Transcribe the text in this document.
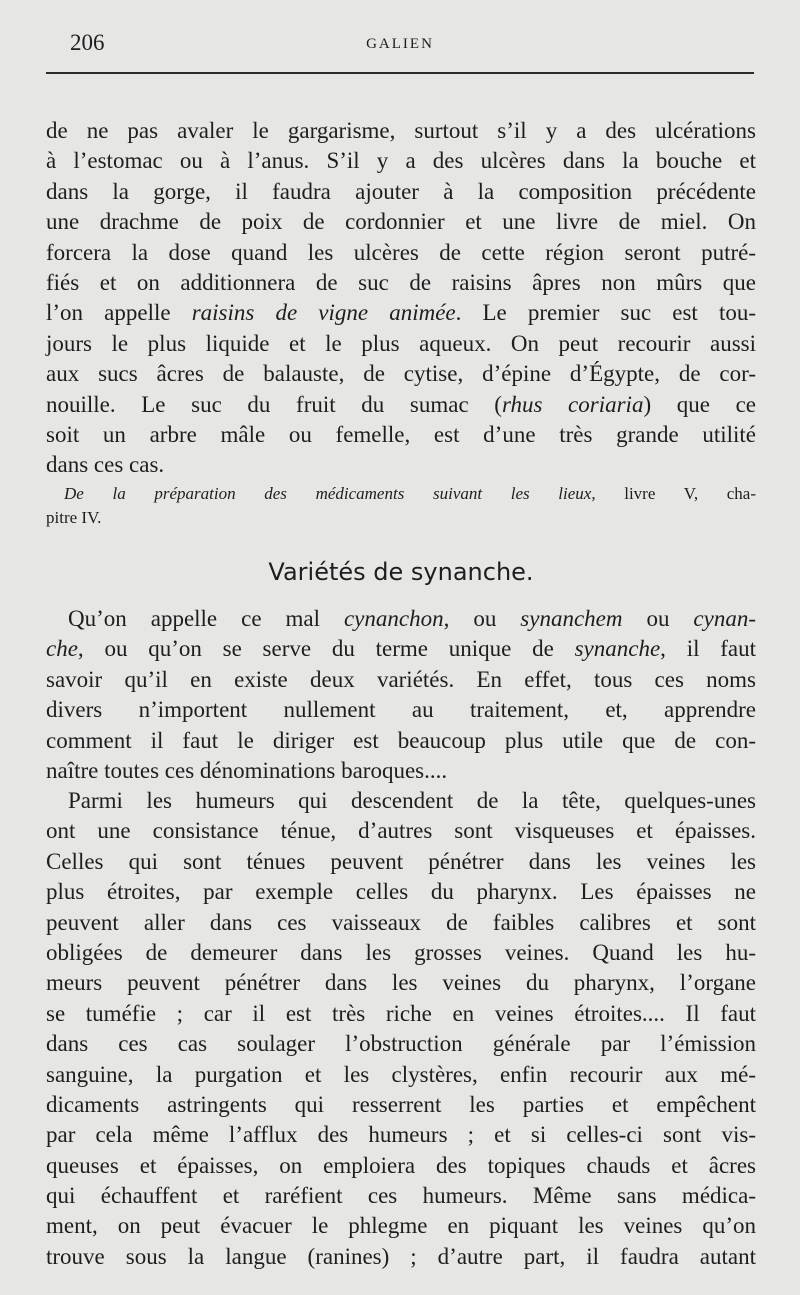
206	GALIEN
de ne pas avaler le gargarisme, surtout s’il y a des ulcérations
à l’estomac ou à l’anus. S’il y a des ulcères dans la bouche et
dans la gorge, il faudra ajouter à la composition précédente
une drachme de poix de cordonnier et une livre de miel. On
forcera la dose quand les ulcères de cette région seront putré-
fiés et on additionnera de suc de raisins âpres non mûrs que
l’on appelle raisins de vigne animée. Le premier suc est tou-
jours le plus liquide et le plus aqueux. On peut recourir aussi
aux sucs âcres de balauste, de cytise, d’épine d’Égypte, de cor-
nouille. Le suc du fruit du sumac (rhus coriaria) que ce
soit un arbre mâle ou femelle, est d’une très grande utilité
dans ces cas.
De la préparation des médicaments suivant les lieux, livre V, cha-
pitre IV.
Variétés de synanche.
Qu’on appelle ce mal cynanchon, ou synanchem ou cynan-
che, ou qu’on se serve du terme unique de synanche, il faut
savoir qu’il en existe deux variétés. En effet, tous ces noms
divers n’importent nullement au traitement, et, apprendre
comment il faut le diriger est beaucoup plus utile que de con-
naître toutes ces dénominations baroques....
Parmi les humeurs qui descendent de la tête, quelques-unes
ont une consistance ténue, d’autres sont visqueuses et épaisses.
Celles qui sont ténues peuvent pénétrer dans les veines les
plus étroites, par exemple celles du pharynx. Les épaisses ne
peuvent aller dans ces vaisseaux de faibles calibres et sont
obligées de demeurer dans les grosses veines. Quand les hu-
meurs peuvent pénétrer dans les veines du pharynx, l’organe
se tuméfie ; car il est très riche en veines étroites.... Il faut
dans ces cas soulager l’obstruction générale par l’émission
sanguine, la purgation et les clystères, enfin recourir aux mé-
dicaments astringents qui resserrent les parties et empêchent
par cela même l’afflux des humeurs ; et si celles-ci sont vis-
queuses et épaisses, on emploiera des topiques chauds et âcres
qui échauffent et raréfient ces humeurs. Même sans médica-
ment, on peut évacuer le phlegme en piquant les veines qu’on
trouve sous la langue (ranines) ; d’autre part, il faudra autant
